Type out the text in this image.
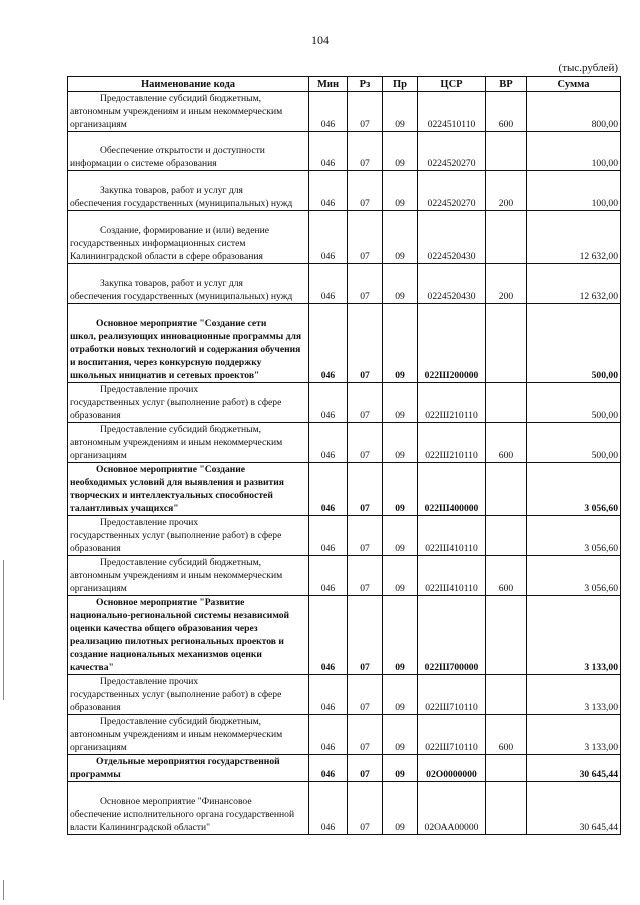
104
(тыс.рублей)
Наименование кода	Мин	Рз	Пр	ЦСР	ВР	Сумма

Предоставление субсидий бюджетным,
автономным учреждениям и иным некоммерческим организациям	046	07	09	0224510110	600	800,00

Обеспечение открытости и доступности
информации о системе образования	046	07	09	0224520270		100,00

Закупка товаров, работ и услуг для
обеспечения государственных (муниципальных) нужд	046	07	09	0224520270	200	100,00

Создание, формирование и (или) ведение
государственных информационных систем Калининградской области в сфере образования	046	07	09	0224520430		12 632,00

Закупка товаров, работ и услуг для
обеспечения государственных (муниципальных) нужд	046	07	09	0224520430	200	12 632,00

Основное мероприятие "Создание сети
школ, реализующих инновационные программы для отработки новых технологий и содержания обучения и воспитания, через конкурсную поддержку школьных инициатив и сетевых проектов"	046	07	09	022Ш200000		500,00

Предоставление прочих
государственных услуг (выполнение работ) в сфере образования	046	07	09	022Ш210110		500,00

Предоставление субсидий бюджетным,
автономным учреждениям и иным некоммерческим организациям	046	07	09	022Ш210110	600	500,00

Основное мероприятие "Создание
необходимых условий для выявления и развития творческих и интеллектуальных способностей талантливых учащихся"	046	07	09	022Ш400000		3 056,60

Предоставление прочих
государственных услуг (выполнение работ) в сфере образования	046	07	09	022Ш410110		3 056,60

Предоставление субсидий бюджетным,
автономным учреждениям и иным некоммерческим организациям	046	07	09	022Ш410110	600	3 056,60

Основное мероприятие "Развитие
национально-региональной системы независимой оценки качества общего образования через реализацию пилотных региональных проектов и создание национальных механизмов оценки качества"	046	07	09	022Ш700000		3 133,00

Предоставление прочих
государственных услуг (выполнение работ) в сфере образования	046	07	09	022Ш710110		3 133,00

Предоставление субсидий бюджетным,
автономным учреждениям и иным некоммерческим организациям	046	07	09	022Ш710110	600	3 133,00

Отдельные мероприятия государственной
программы	046	07	09	02О0000000		30 645,44

Основное мероприятие "Финансовое
обеспечение исполнительного органа государственной власти Калининградской области"	046	07	09	02ОАА00000		30 645,44
